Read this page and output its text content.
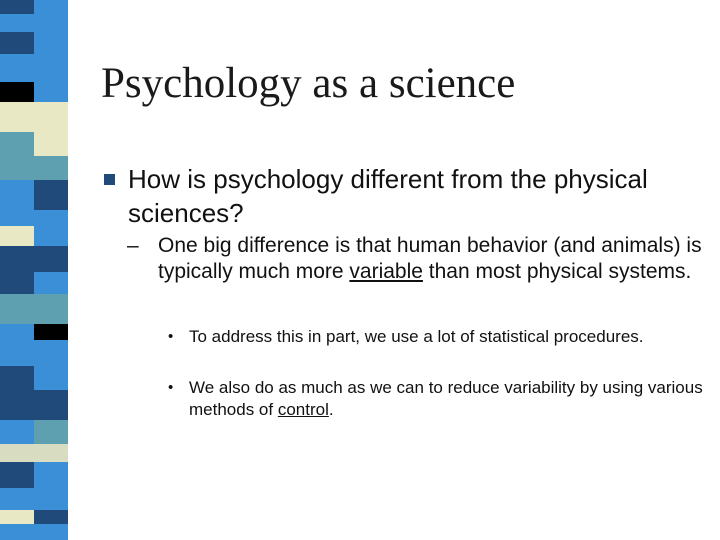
Psychology as a science

How is psychology different from the physical sciences?

– One big difference is that human behavior (and animals) is typically much more variable than most physical systems.

• To address this in part, we use a lot of statistical procedures.

• We also do as much as we can to reduce variability by using various methods of control.
